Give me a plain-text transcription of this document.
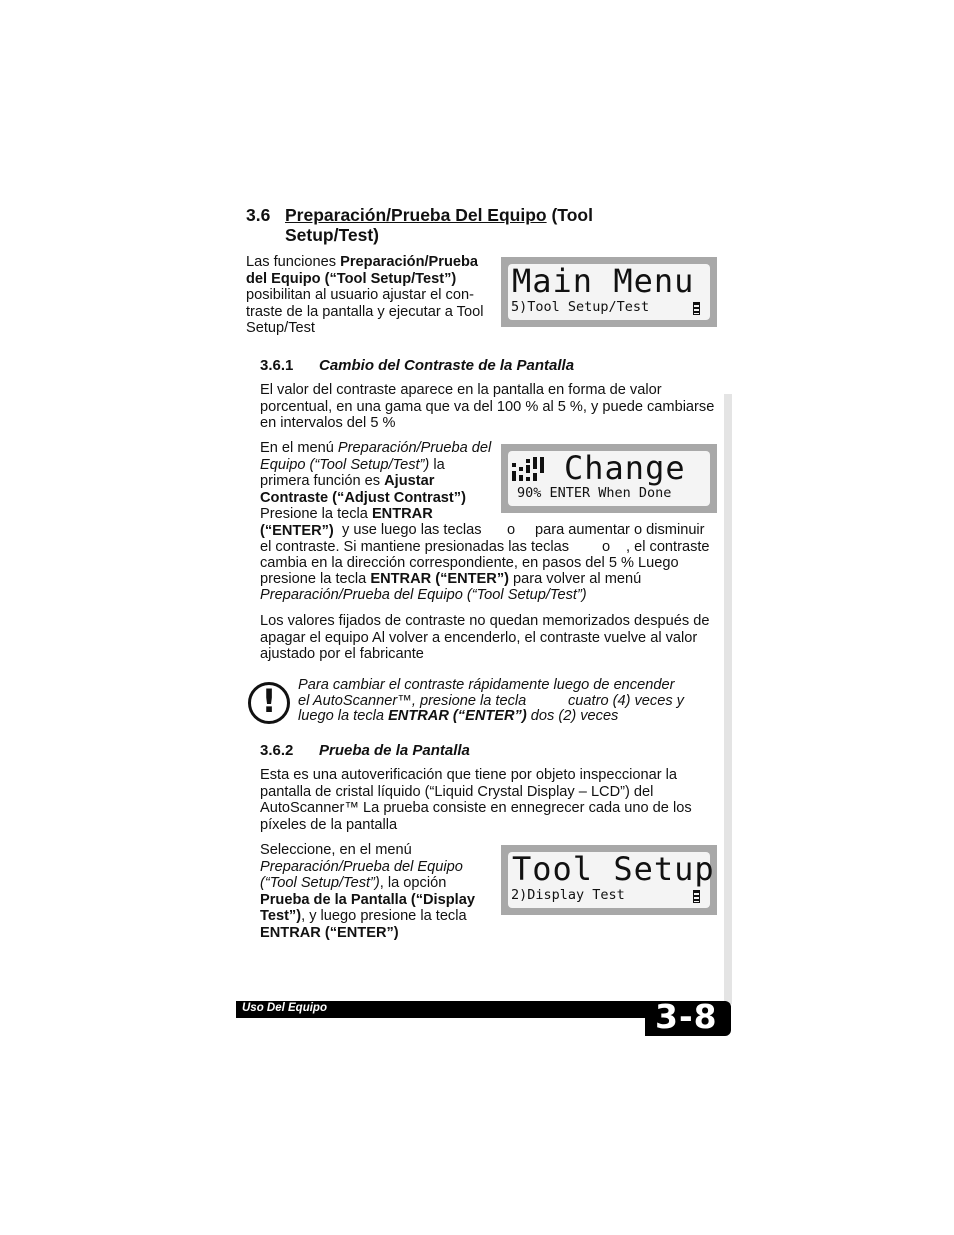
3.6 Preparación/Prueba Del Equipo (Tool
Setup/Test)
Las funciones Preparación/Prueba del Equipo (“Tool Setup/Test”) posibilitan al usuario ajustar el con-traste de la pantalla y ejecutar a Tool Setup/Test
Main Menu
5)Tool Setup/Test
3.6.1 Cambio del Contraste de la Pantalla
El valor del contraste aparece en la pantalla en forma de valor porcentual, en una gama que va del 100 % al 5 %, y puede cambiarse en intervalos del 5 %
En el menú Preparación/Prueba del Equipo (“Tool Setup/Test”) la primera función es Ajustar Contraste (“Adjust Contrast”) Presione la tecla ENTRAR (“ENTER”) y use luego las teclas o para aumentar o disminuir
el contraste. Si mantiene presionadas las teclas o , el contraste
cambia en la dirección correspondiente, en pasos del 5 % Luego
presione la tecla ENTRAR (“ENTER”) para volver al menú
Preparación/Prueba del Equipo (“Tool Setup/Test”)
Change
90% ENTER When Done
Los valores fijados de contraste no quedan memorizados después de apagar el equipo Al volver a encenderlo, el contraste vuelve al valor ajustado por el fabricante
!	Para cambiar el contraste rápidamente luego de encender
el AutoScanner™, presione la tecla	cuatro (4) veces y
luego la tecla ENTRAR (“ENTER”) dos (2) veces
3.6.2 Prueba de la Pantalla
Esta es una autoverificación que tiene por objeto inspeccionar la pantalla de cristal líquido (“Liquid Crystal Display – LCD”) del AutoScanner™ La prueba consiste en ennegrecer cada uno de los píxeles de la pantalla
Seleccione, en el menú Preparación/Prueba del Equipo (“Tool Setup/Test”), la opción Prueba de la Pantalla (“Display Test”), y luego presione la tecla ENTRAR (“ENTER”)
Tool Setup
2)Display Test
Uso Del Equipo	3-8
